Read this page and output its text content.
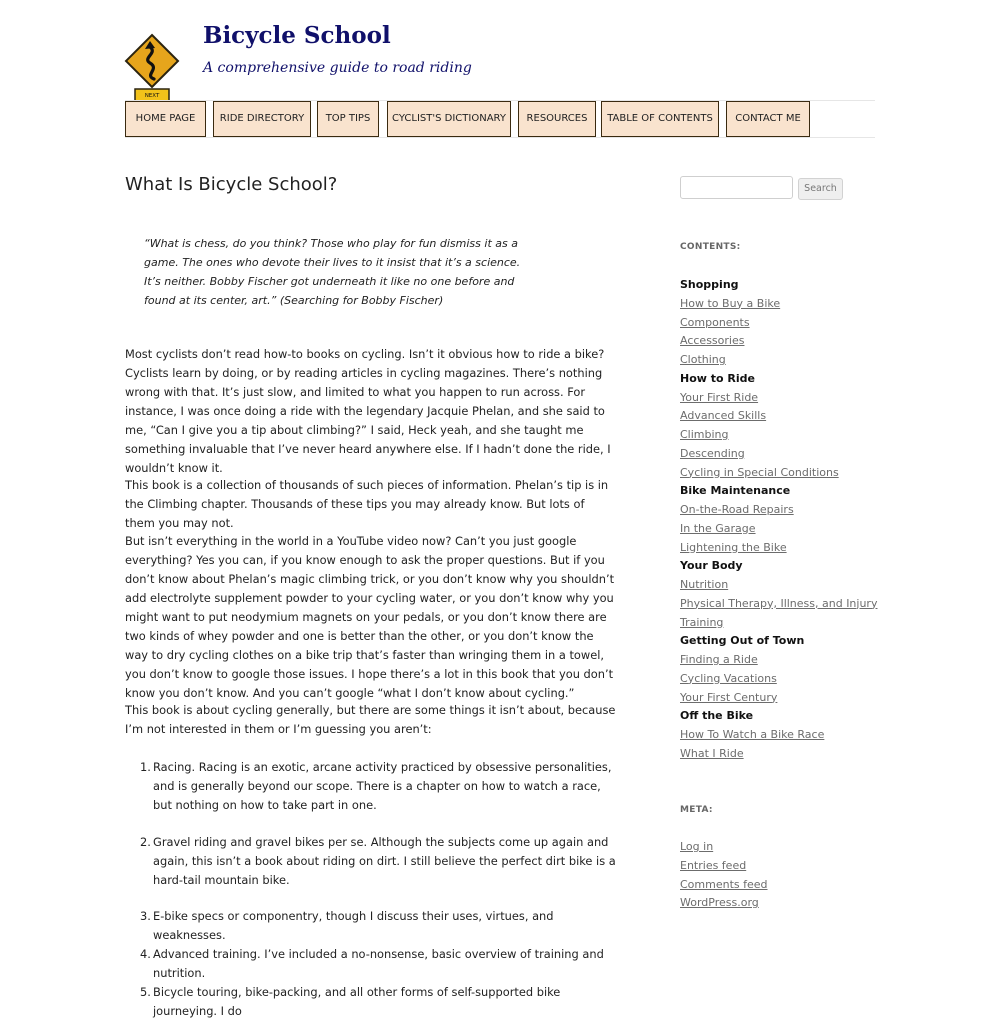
NEXT
Bicycle School
A comprehensive guide to road riding
HOME PAGE	RIDE DIRECTORY	TOP TIPS	CYCLIST'S DICTIONARY	RESOURCES	TABLE OF CONTENTS	CONTACT ME
What Is Bicycle School?
“What is chess, do you think? Those who play for fun dismiss it as a game. The ones who devote their lives to it insist that it’s a science. It’s neither. Bobby Fischer got underneath it like no one before and found at its center, art.” (Searching for Bobby Fischer)

Most cyclists don’t read how-to books on cycling. Isn’t it obvious how to ride a bike? Cyclists learn by doing, or by reading articles in cycling magazines. There’s nothing wrong with that. It’s just slow, and limited to what you happen to run across. For instance, I was once doing a ride with the legendary Jacquie Phelan, and she said to me, “Can I give you a tip about climbing?” I said, Heck yeah, and she taught me something invaluable that I’ve never heard anywhere else. If I hadn’t done the ride, I wouldn’t know it.

This book is a collection of thousands of such pieces of information. Phelan’s tip is in the Climbing chapter. Thousands of these tips you may already know. But lots of them you may not.

But isn’t everything in the world in a YouTube video now? Can’t you just google everything? Yes you can, if you know enough to ask the proper questions. But if you don’t know about Phelan’s magic climbing trick, or you don’t know why you shouldn’t add electrolyte supplement powder to your cycling water, or you don’t know why you might want to put neodymium magnets on your pedals, or you don’t know there are two kinds of whey powder and one is better than the other, or you don’t know the way to dry cycling clothes on a bike trip that’s faster than wringing them in a towel, you don’t know to google those issues. I hope there’s a lot in this book that you don’t know you don’t know. And you can’t google “what I don’t know about cycling.”

This book is about cycling generally, but there are some things it isn’t about, because I’m not interested in them or I’m guessing you aren’t:

1. Racing. Racing is an exotic, arcane activity practiced by obsessive personalities, and is generally beyond our scope. There is a chapter on how to watch a race, but nothing on how to take part in one.
2. Gravel riding and gravel bikes per se. Although the subjects come up again and again, this isn’t a book about riding on dirt. I still believe the perfect dirt bike is a hard-tail mountain bike.
3. E-bike specs or componentry, though I discuss their uses, virtues, and weaknesses.
4. Advanced training. I’ve included a no-nonsense, basic overview of training and nutrition.
5. Bicycle touring, bike-packing, and all other forms of self-supported bike journeying. I do
Search
CONTENTS:
Shopping
How to Buy a Bike
Components
Accessories
Clothing
How to Ride
Your First Ride
Advanced Skills
Climbing
Descending
Cycling in Special Conditions
Bike Maintenance
On-the-Road Repairs
In the Garage
Lightening the Bike
Your Body
Nutrition
Physical Therapy, Illness, and Injury
Training
Getting Out of Town
Finding a Ride
Cycling Vacations
Your First Century
Off the Bike
How To Watch a Bike Race
What I Ride
META:
Log in
Entries feed
Comments feed
WordPress.org
